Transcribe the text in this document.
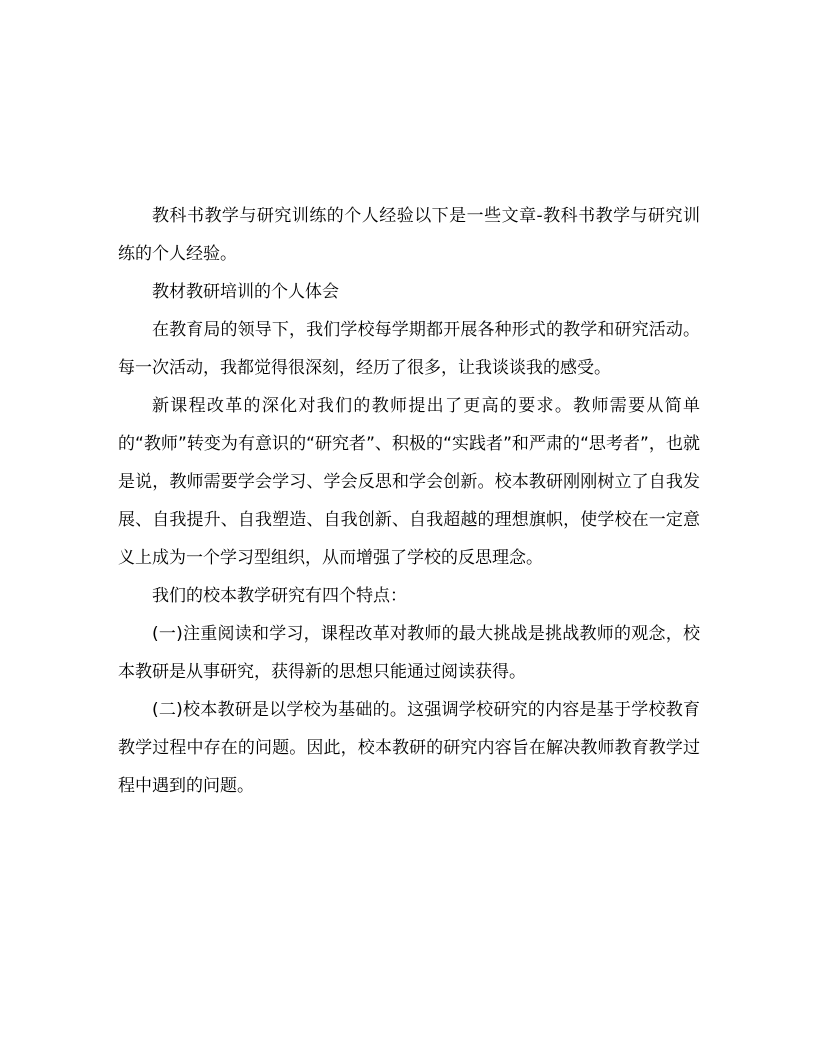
教科书教学与研究训练的个人经验以下是一些文章-教科书教学与研究训练的个人经验。

教材教研培训的个人体会

在教育局的领导下，我们学校每学期都开展各种形式的教学和研究活动。每一次活动，我都觉得很深刻，经历了很多，让我谈谈我的感受。

新课程改革的深化对我们的教师提出了更高的要求。教师需要从简单的“教师”转变为有意识的“研究者”、积极的“实践者”和严肃的“思考者”，也就是说，教师需要学会学习、学会反思和学会创新。校本教研刚刚树立了自我发展、自我提升、自我塑造、自我创新、自我超越的理想旗帜，使学校在一定意义上成为一个学习型组织，从而增强了学校的反思理念。

我们的校本教学研究有四个特点：

(一)注重阅读和学习，课程改革对教师的最大挑战是挑战教师的观念，校本教研是从事研究，获得新的思想只能通过阅读获得。

(二)校本教研是以学校为基础的。这强调学校研究的内容是基于学校教育教学过程中存在的问题。因此，校本教研的研究内容旨在解决教师教育教学过程中遇到的问题。
